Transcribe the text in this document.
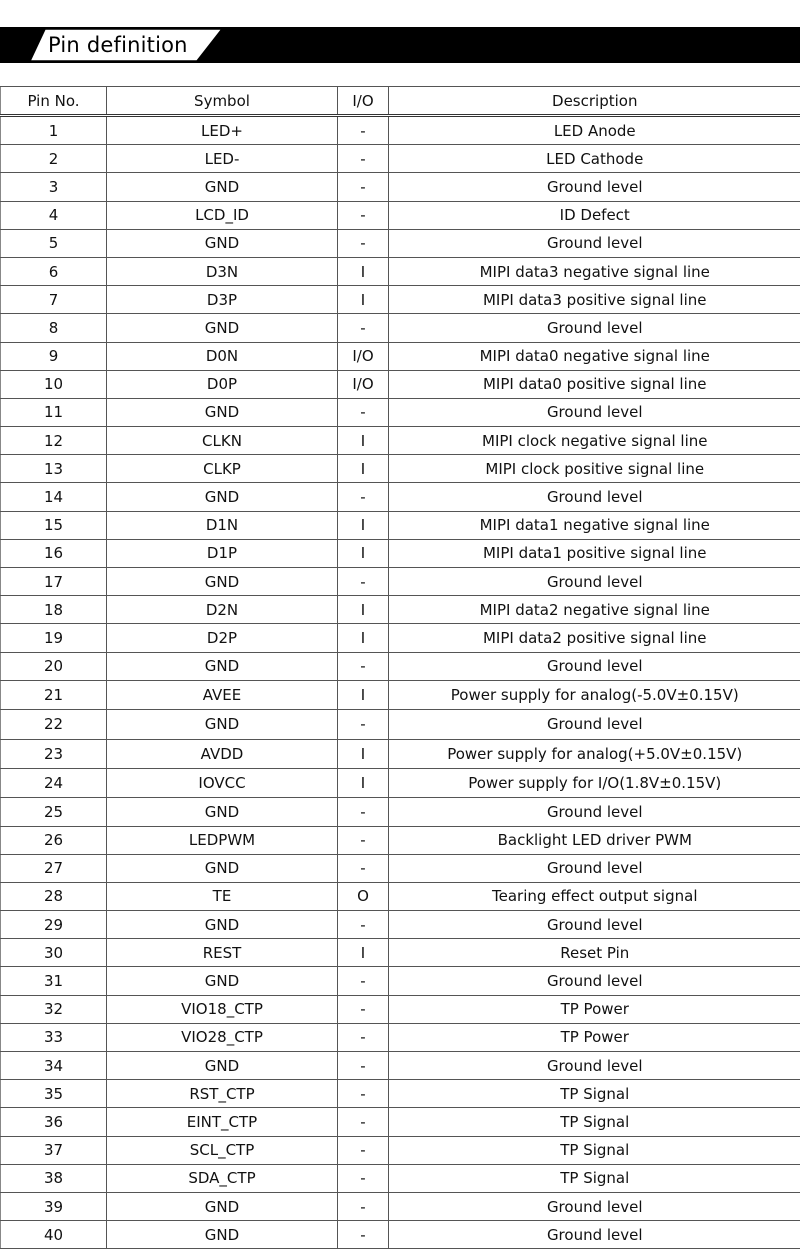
Pin definition
Pin No.	Symbol	I/O	Description
1	LED+	-	LED Anode
2	LED-	-	LED Cathode
3	GND	-	Ground level
4	LCD_ID	-	ID Defect
5	GND	-	Ground level
6	D3N	I	MIPI data3 negative signal line
7	D3P	I	MIPI data3 positive signal line
8	GND	-	Ground level
9	D0N	I/O	MIPI data0 negative signal line
10	D0P	I/O	MIPI data0 positive signal line
11	GND	-	Ground level
12	CLKN	I	MIPI clock negative signal line
13	CLKP	I	MIPI clock positive signal line
14	GND	-	Ground level
15	D1N	I	MIPI data1 negative signal line
16	D1P	I	MIPI data1 positive signal line
17	GND	-	Ground level
18	D2N	I	MIPI data2 negative signal line
19	D2P	I	MIPI data2 positive signal line
20	GND	-	Ground level
21	AVEE	I	Power supply for analog(-5.0V±0.15V)
22	GND	-	Ground level
23	AVDD	I	Power supply for analog(+5.0V±0.15V)
24	IOVCC	I	Power supply for I/O(1.8V±0.15V)
25	GND	-	Ground level
26	LEDPWM	-	Backlight LED driver PWM
27	GND	-	Ground level
28	TE	O	Tearing effect output signal
29	GND	-	Ground level
30	REST	I	Reset Pin
31	GND	-	Ground level
32	VIO18_CTP	-	TP Power
33	VIO28_CTP	-	TP Power
34	GND	-	Ground level
35	RST_CTP	-	TP Signal
36	EINT_CTP	-	TP Signal
37	SCL_CTP	-	TP Signal
38	SDA_CTP	-	TP Signal
39	GND	-	Ground level
40	GND	-	Ground level
